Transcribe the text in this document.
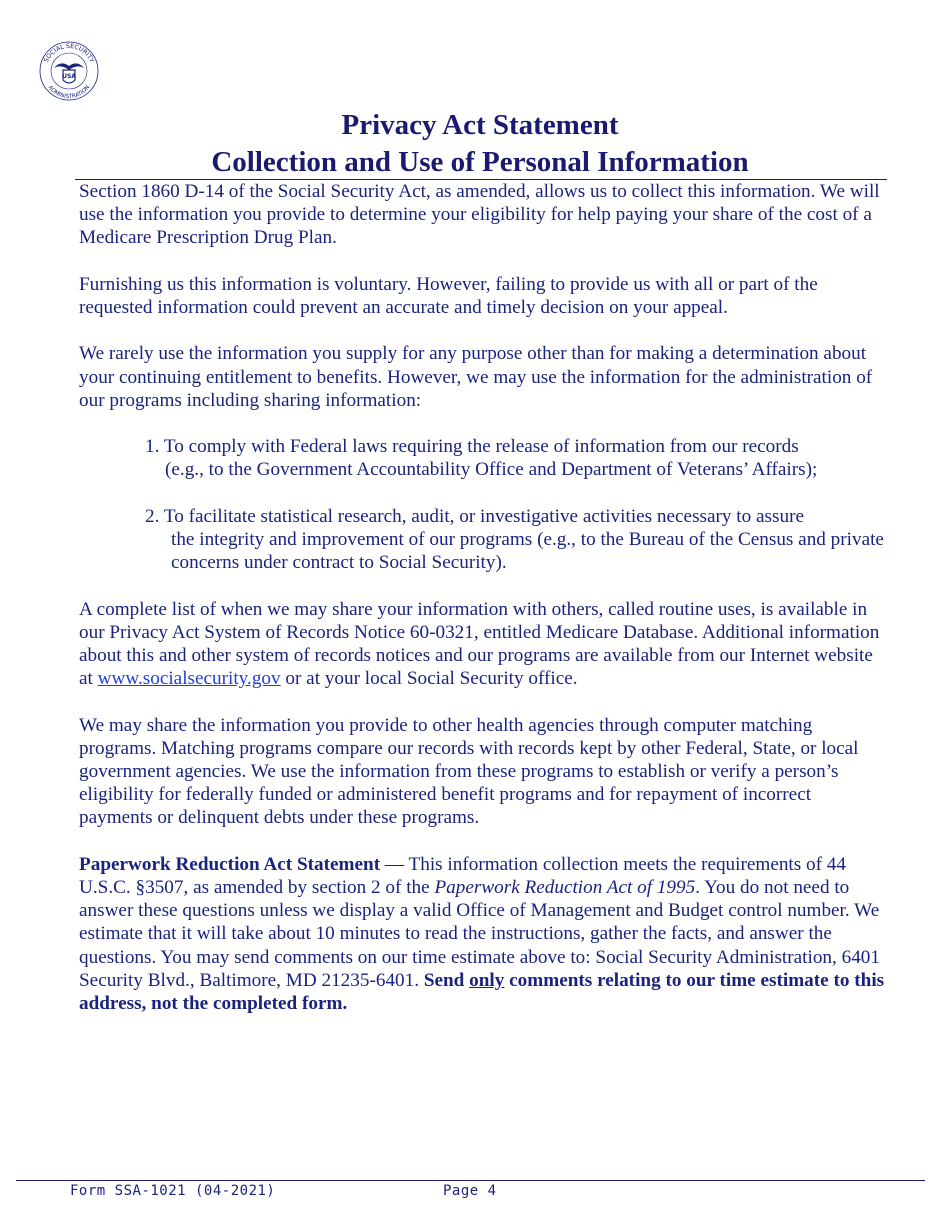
SOCIAL SECURITY
ADMINISTRATION
USA
Privacy Act Statement
Collection and Use of Personal Information

Section 1860 D-14 of the Social Security Act, as amended, allows us to collect this information. We will use the information you provide to determine your eligibility for help paying your share of the cost of a Medicare Prescription Drug Plan.

Furnishing us this information is voluntary. However, failing to provide us with all or part of the requested information could prevent an accurate and timely decision on your appeal.

We rarely use the information you supply for any purpose other than for making a determination about your continuing entitlement to benefits. However, we may use the information for the administration of our programs including sharing information:

1. To comply with Federal laws requiring the release of information from our records
(e.g., to the Government Accountability Office and Department of Veterans’ Affairs);
2. To facilitate statistical research, audit, or investigative activities necessary to assure
the integrity and improvement of our programs (e.g., to the Bureau of the Census and private concerns under contract to Social Security).

A complete list of when we may share your information with others, called routine uses, is available in our Privacy Act System of Records Notice 60-0321, entitled Medicare Database. Additional information about this and other system of records notices and our programs are available from our Internet website at www.socialsecurity.gov or at your local Social Security office.

We may share the information you provide to other health agencies through computer matching programs. Matching programs compare our records with records kept by other Federal, State, or local government agencies. We use the information from these programs to establish or verify a person’s eligibility for federally funded or administered benefit programs and for repayment of incorrect payments or delinquent debts under these programs.

Paperwork Reduction Act Statement — This information collection meets the requirements of 44 U.S.C. §3507, as amended by section 2 of the Paperwork Reduction Act of 1995. You do not need to answer these questions unless we display a valid Office of Management and Budget control number. We estimate that it will take about 10 minutes to read the instructions, gather the facts, and answer the questions. You may send comments on our time estimate above to: Social Security Administration, 6401 Security Blvd., Baltimore, MD 21235-6401. Send only comments relating to our time estimate to this address, not the completed form.

Form SSA-1021 (04-2021)	Page 4
